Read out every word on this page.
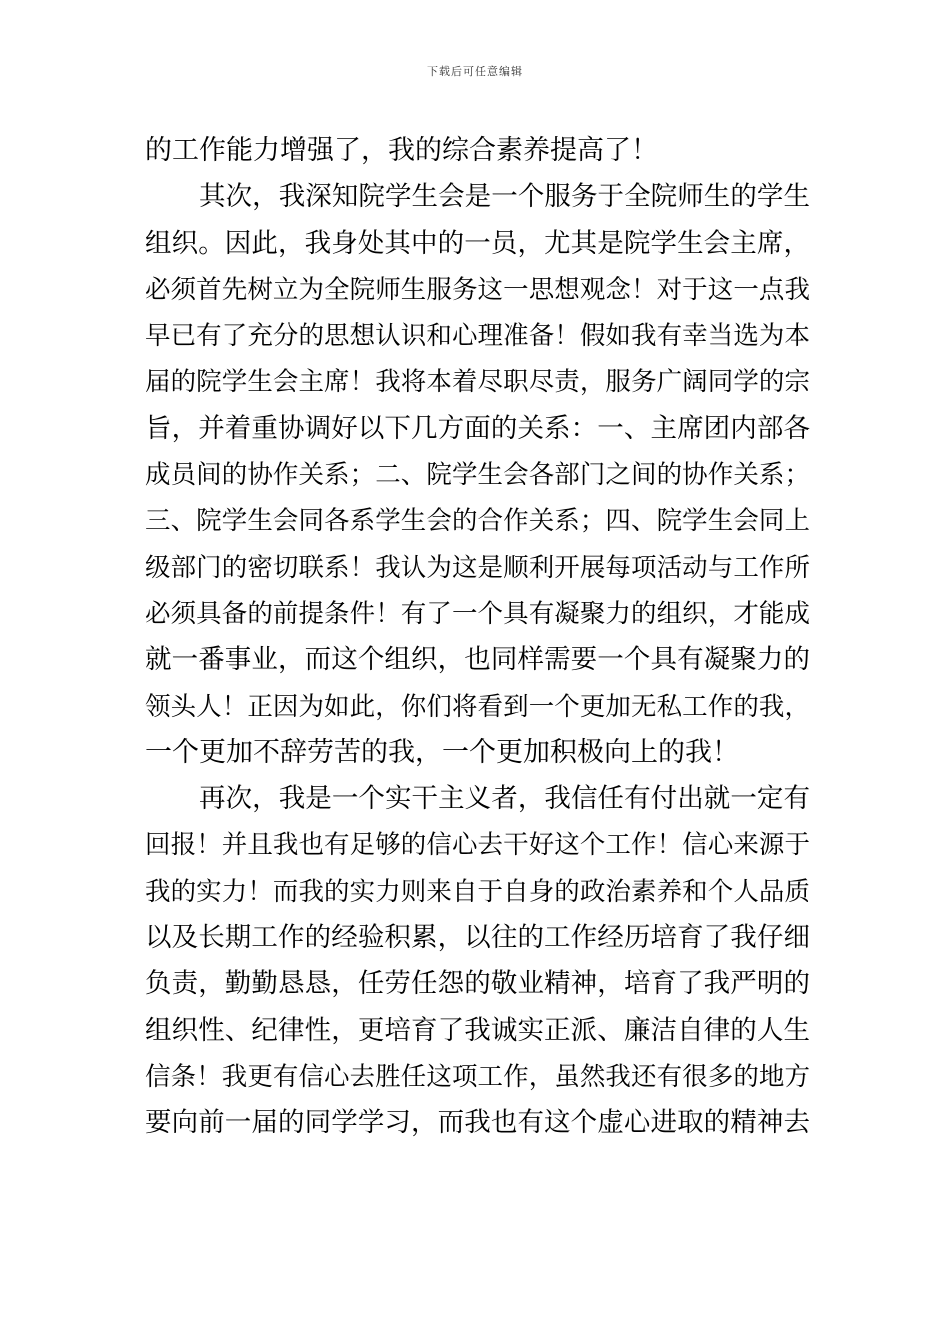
下载后可任意编辑
的工作能力增强了，我的综合素养提高了！
其次，我深知院学生会是一个服务于全院师生的学生
组织。因此，我身处其中的一员，尤其是院学生会主席，
必须首先树立为全院师生服务这一思想观念！对于这一点我
早已有了充分的思想认识和心理准备！假如我有幸当选为本
届的院学生会主席！我将本着尽职尽责，服务广阔同学的宗
旨，并着重协调好以下几方面的关系：一、主席团内部各
成员间的协作关系；二、院学生会各部门之间的协作关系；
三、院学生会同各系学生会的合作关系；四、院学生会同上
级部门的密切联系！我认为这是顺利开展每项活动与工作所
必须具备的前提条件！有了一个具有凝聚力的组织，才能成
就一番事业，而这个组织，也同样需要一个具有凝聚力的
领头人！正因为如此，你们将看到一个更加无私工作的我，
一个更加不辞劳苦的我，一个更加积极向上的我！
再次，我是一个实干主义者，我信任有付出就一定有
回报！并且我也有足够的信心去干好这个工作！信心来源于
我的实力！而我的实力则来自于自身的政治素养和个人品质
以及长期工作的经验积累，以往的工作经历培育了我仔细
负责，勤勤恳恳，任劳任怨的敬业精神，培育了我严明的
组织性、纪律性，更培育了我诚实正派、廉洁自律的人生
信条！我更有信心去胜任这项工作，虽然我还有很多的地方
要向前一届的同学学习，而我也有这个虚心进取的精神去
